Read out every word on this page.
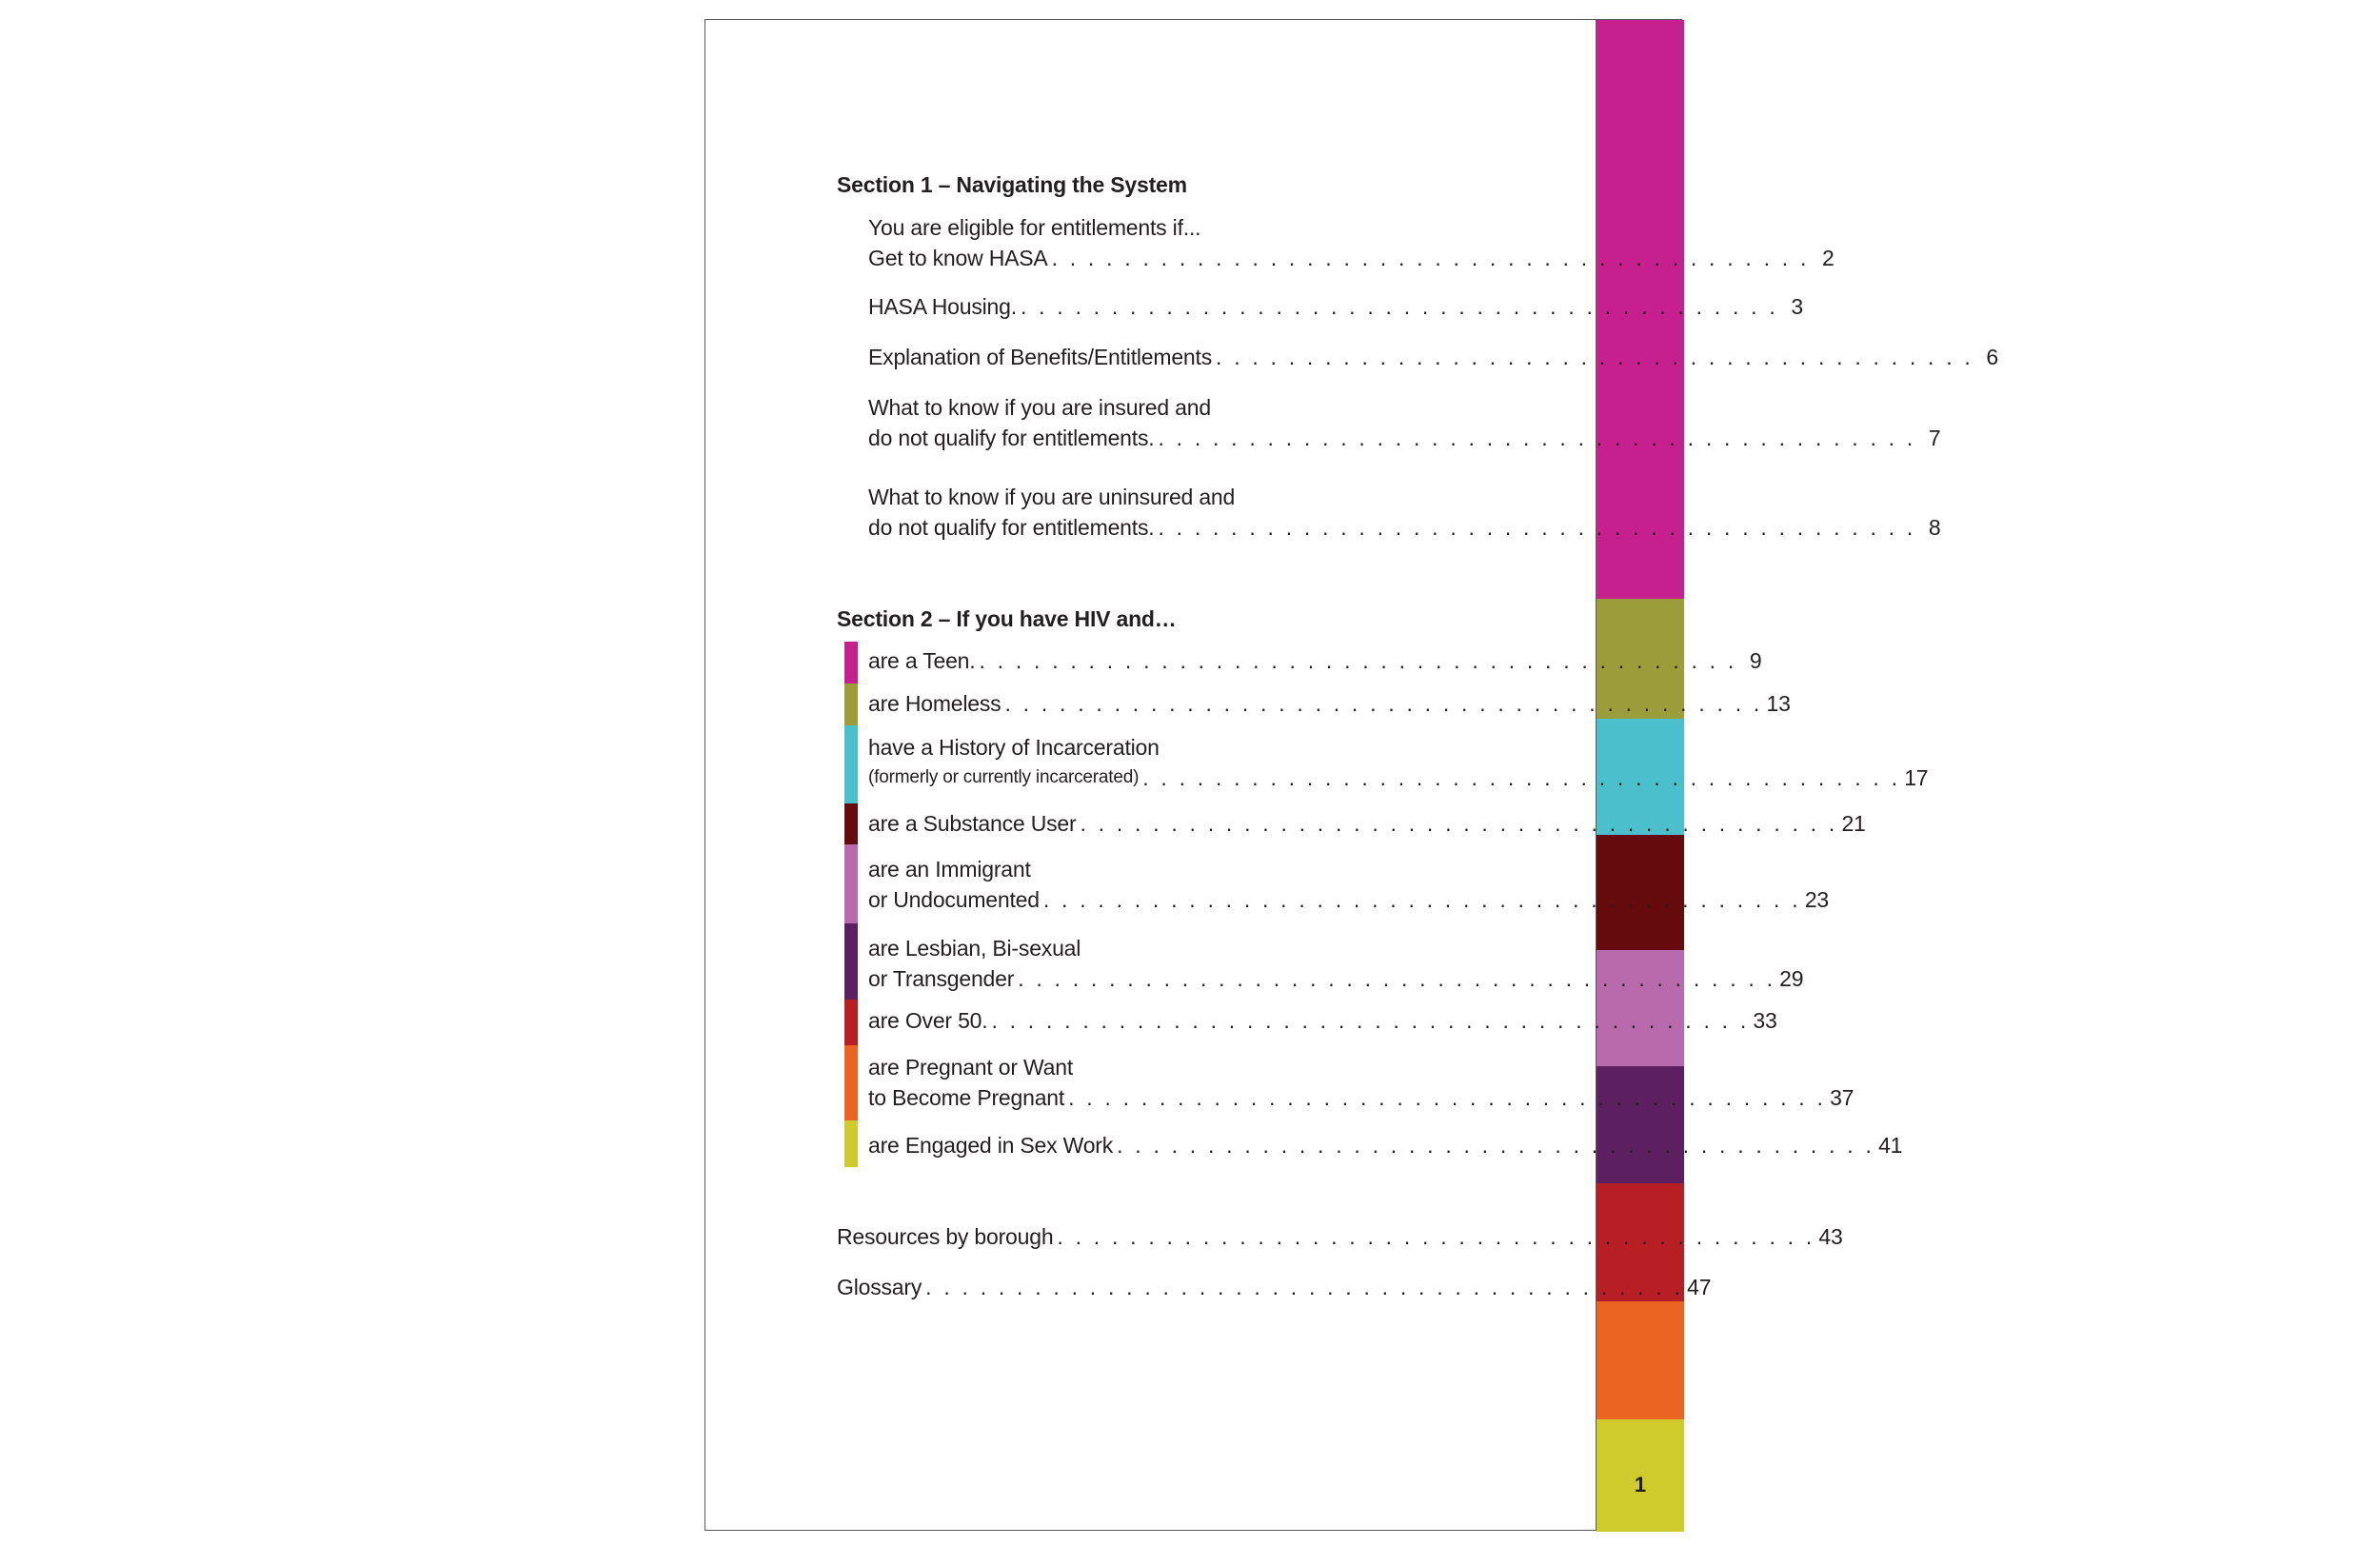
1
Section 1 – Navigating the System
You are eligible for entitlements if...
Get to know HASA . . . . . . . . . . . . . . . . . . . . . . . . . . . . . . . . . . . . . . . . . . 2
HASA Housing. . . . . . . . . . . . . . . . . . . . . . . . . . . . . . . . . . . . . . . . . . . 3
Explanation of Benefits/Entitlements . . . . . . . . . . . . . . . . . . . . . . . . . . . . . . . . . . . . . . . . . . 6
What to know if you are insured and
do not qualify for entitlements. . . . . . . . . . . . . . . . . . . . . . . . . . . . . . . . . . . . . . . . . . . 7
What to know if you are uninsured and
do not qualify for entitlements. . . . . . . . . . . . . . . . . . . . . . . . . . . . . . . . . . . . . . . . . . . 8
Section 2 – If you have HIV and…
are a Teen. . . . . . . . . . . . . . . . . . . . . . . . . . . . . . . . . . . . . . . . . . . 9
are Homeless . . . . . . . . . . . . . . . . . . . . . . . . . . . . . . . . . . . . . . . . . . 13
have a History of Incarceration
(formerly or currently incarcerated) . . . . . . . . . . . . . . . . . . . . . . . . . . . . . . . . . . . . . . . . . . 17
are a Substance User . . . . . . . . . . . . . . . . . . . . . . . . . . . . . . . . . . . . . . . . . . 21
are an Immigrant
or Undocumented . . . . . . . . . . . . . . . . . . . . . . . . . . . . . . . . . . . . . . . . . . 23
are Lesbian, Bi-sexual
or Transgender . . . . . . . . . . . . . . . . . . . . . . . . . . . . . . . . . . . . . . . . . . 29
are Over 50. . . . . . . . . . . . . . . . . . . . . . . . . . . . . . . . . . . . . . . . . . . 33
are Pregnant or Want
to Become Pregnant . . . . . . . . . . . . . . . . . . . . . . . . . . . . . . . . . . . . . . . . . . 37
are Engaged in Sex Work . . . . . . . . . . . . . . . . . . . . . . . . . . . . . . . . . . . . . . . . . . 41
Resources by borough . . . . . . . . . . . . . . . . . . . . . . . . . . . . . . . . . . . . . . . . . . 43
Glossary . . . . . . . . . . . . . . . . . . . . . . . . . . . . . . . . . . . . . . . . . . 47
